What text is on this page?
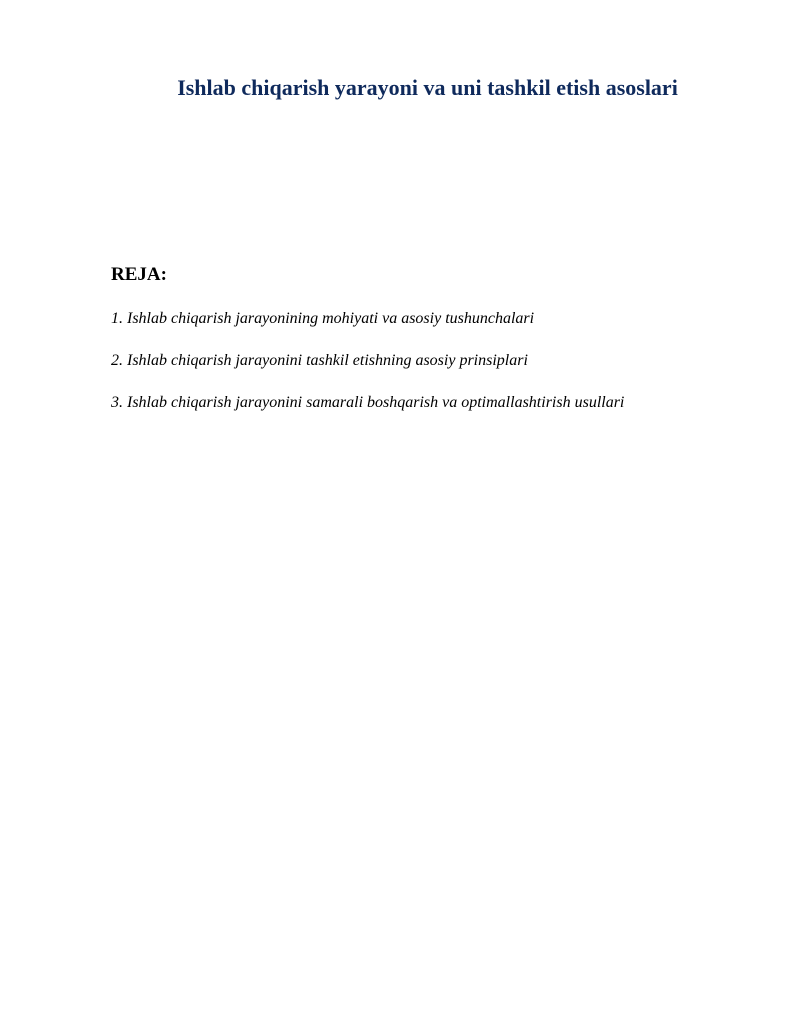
Ishlab chiqarish yarayoni va uni tashkil etish asoslari
REJA:
1. Ishlab chiqarish jarayonining mohiyati va asosiy tushunchalari
2. Ishlab chiqarish jarayonini tashkil etishning asosiy prinsiplari
3. Ishlab chiqarish jarayonini samarali boshqarish va optimallashtirish usullari
